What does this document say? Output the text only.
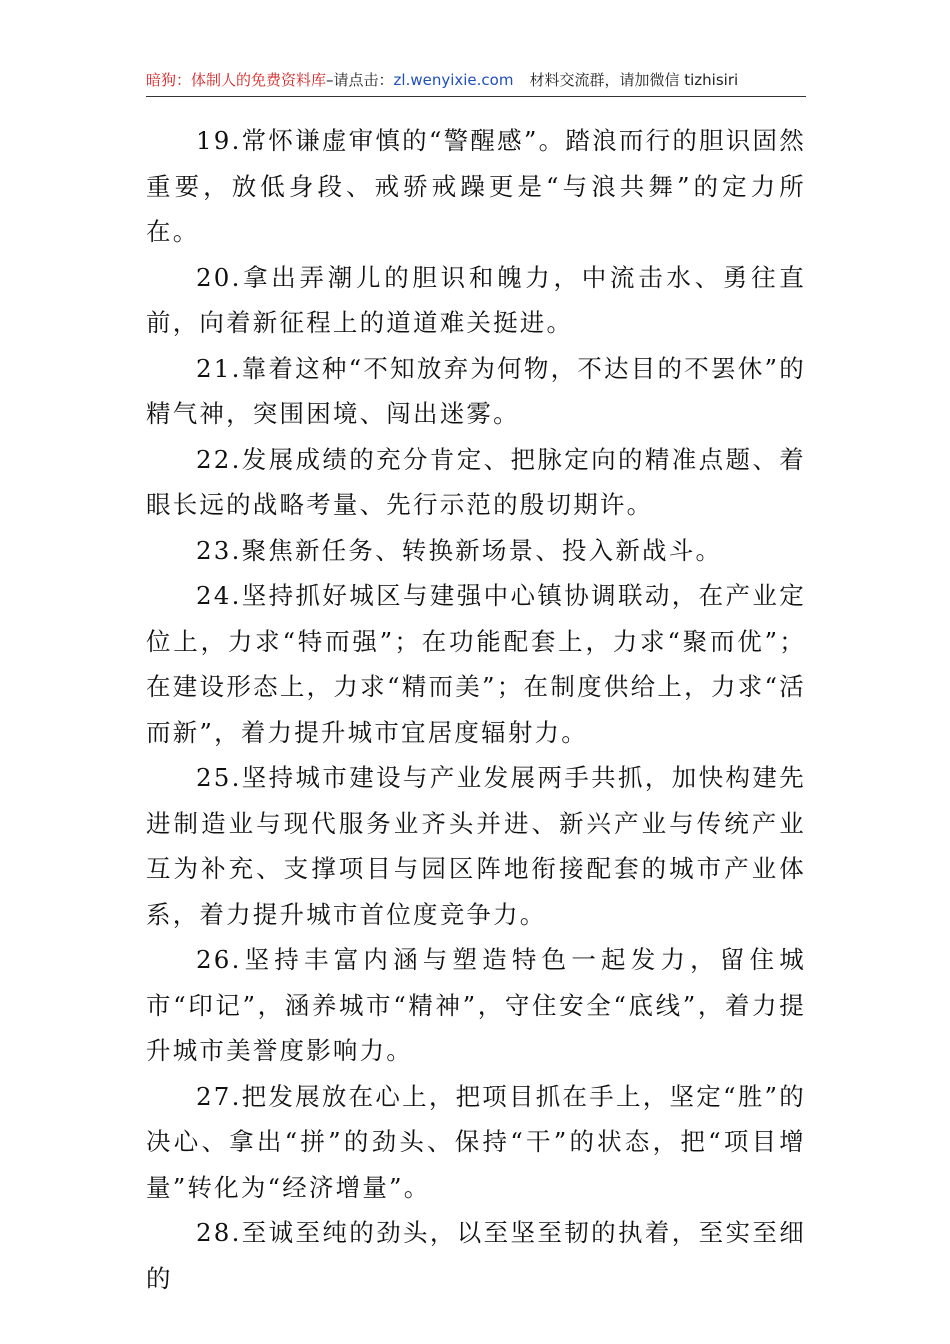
暗狗：体制人的免费资料库–请点击：zl.wenyixie.com 材料交流群，请加微信 tizhisiri

19.常怀谦虚审慎的“警醒感”。踏浪而行的胆识固然重要，放低身段、戒骄戒躁更是“与浪共舞”的定力所在。

20.拿出弄潮儿的胆识和魄力，中流击水、勇往直前，向着新征程上的道道难关挺进。

21.靠着这种“不知放弃为何物，不达目的不罢休”的精气神，突围困境、闯出迷雾。

22.发展成绩的充分肯定、把脉定向的精准点题、着眼长远的战略考量、先行示范的殷切期许。

23.聚焦新任务、转换新场景、投入新战斗。

24.坚持抓好城区与建强中心镇协调联动，在产业定位上，力求“特而强”；在功能配套上，力求“聚而优”；在建设形态上，力求“精而美”；在制度供给上，力求“活而新”，着力提升城市宜居度辐射力。

25.坚持城市建设与产业发展两手共抓，加快构建先进制造业与现代服务业齐头并进、新兴产业与传统产业互为补充、支撑项目与园区阵地衔接配套的城市产业体系，着力提升城市首位度竞争力。

26.坚持丰富内涵与塑造特色一起发力，留住城市“印记”，涵养城市“精神”，守住安全“底线”，着力提升城市美誉度影响力。

27.把发展放在心上，把项目抓在手上，坚定“胜”的决心、拿出“拼”的劲头、保持“干”的状态，把“项目增量”转化为“经济增量”。

28.至诚至纯的劲头，以至坚至韧的执着，至实至细的
